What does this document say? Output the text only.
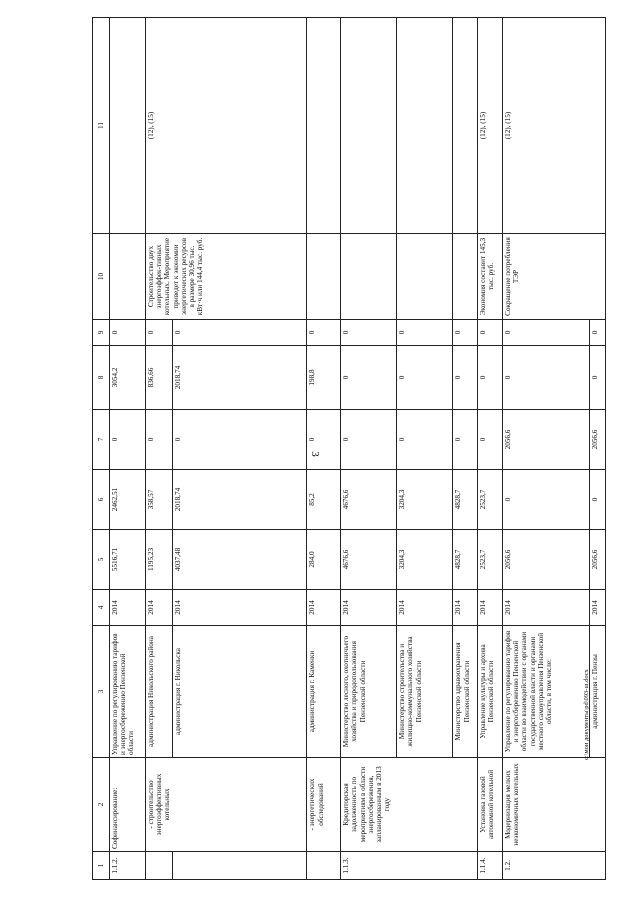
3
1	2	3	4	5	6	7	8	9	10	11
1.1.2.	Софинансирование:	Управление по регулированию тарифов и энергосбережению Пензенской области	2014	5516,71	2462,51	0	3054,2	0		
	- строительство энергоэффективных котельных	администрация Никольского района	2014	1195,23	358,57	0	836,66	0	Строительство двух энергоэффек-тивных котельных. Мероприятие приведет к экономии энергетических ресурсов в размере 30,96 тыс. кВт·ч или 144,4 тыс. руб.	(12), (15)
		администрация г. Никольска	2014	4037,48	2018,74	0	2018,74	0		
	- энергетических обследований	администрация г. Каменки	2014	284,0	85,2	0	198,8	0		
1.1.3.	Кредиторская задолженность по мероприятиям в области энергосбережения, запланированным в 2013 году	Министерство лесного, охотничьего хозяйства и природопользования Пензенской области	2014	4676,6	4676,6	0	0	0		
		Министерство строительства и жилищно-коммунального хозяйства Пензенской области	2014	3204,3	3204,3	0	0	0		
		Министерство здравоохранения Пензенской области	2014	4828,7	4828,7	0	0	0		
1.1.4.	Установка газовой автономной котельной	Управление культуры и архива Пензенской области	2014	2523,7	2523,7	0	0	0	Экономия составит 145,3 тыс. руб.	(12), (15)
1.2.	Модернизация мелких неэкономичных котельных	Управление по регулированию тарифов и энергосбережению Пензенской области во взаимодействии с органами государственной власти и органами местного самоуправления Пензенской области, в том числе:	2014	2056,6	0	2056,6	0	0	Сокращение потребления ТЭР	(12), (15)
		администрация г. Пензы	2014	2056,6	0	2056,6	0	0		
c:\мои документы\pd\093-ш.docx
